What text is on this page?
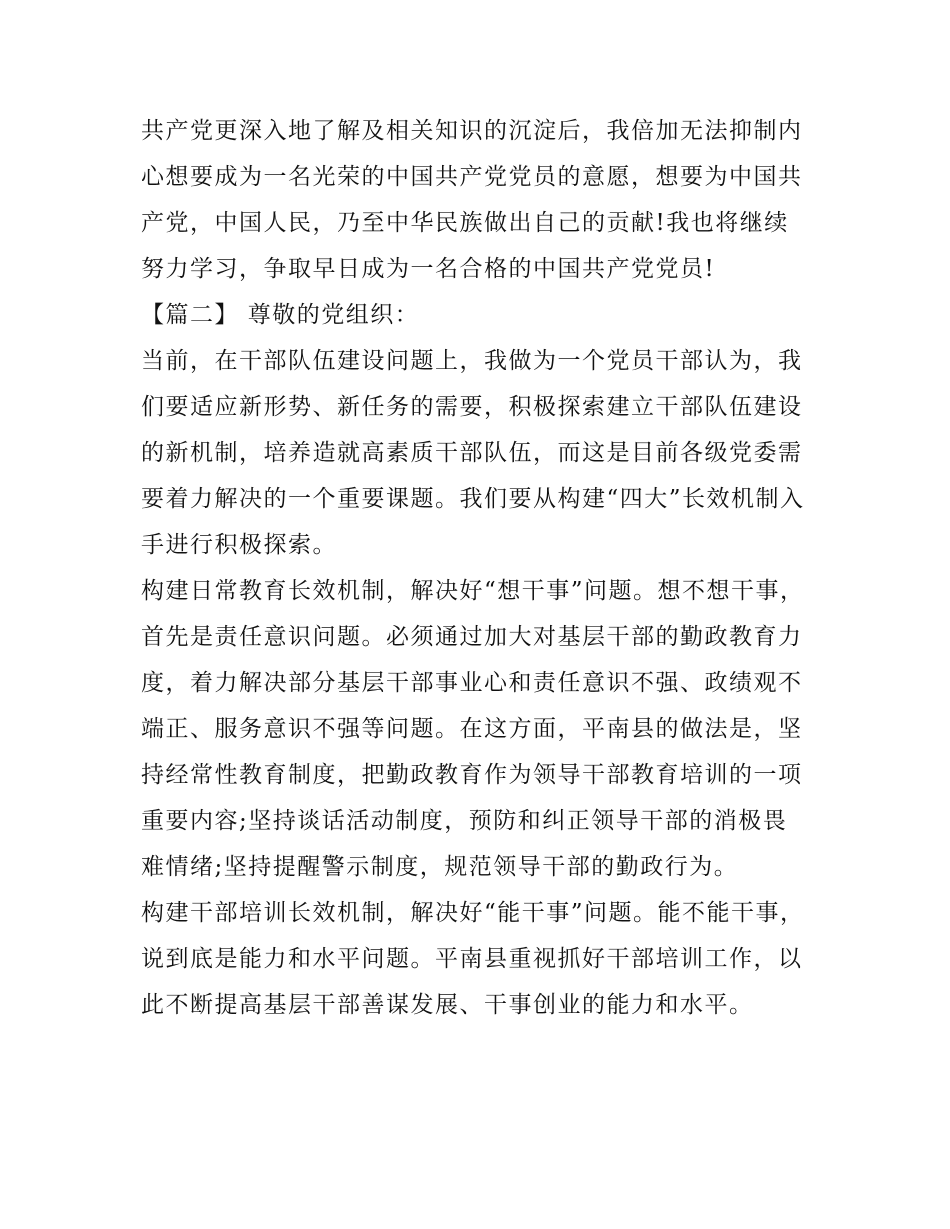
共产党更深入地了解及相关知识的沉淀后，我倍加无法抑制内
心想要成为一名光荣的中国共产党党员的意愿，想要为中国共
产党，中国人民，乃至中华民族做出自己的贡献!我也将继续
努力学习，争取早日成为一名合格的中国共产党党员!
【篇二】 尊敬的党组织：
当前，在干部队伍建设问题上，我做为一个党员干部认为，我
们要适应新形势、新任务的需要，积极探索建立干部队伍建设
的新机制，培养造就高素质干部队伍，而这是目前各级党委需
要着力解决的一个重要课题。我们要从构建“四大”长效机制入
手进行积极探索。
构建日常教育长效机制，解决好“想干事”问题。想不想干事，
首先是责任意识问题。必须通过加大对基层干部的勤政教育力
度，着力解决部分基层干部事业心和责任意识不强、政绩观不
端正、服务意识不强等问题。在这方面，平南县的做法是，坚
持经常性教育制度，把勤政教育作为领导干部教育培训的一项
重要内容;坚持谈话活动制度，预防和纠正领导干部的消极畏
难情绪;坚持提醒警示制度，规范领导干部的勤政行为。
构建干部培训长效机制，解决好“能干事”问题。能不能干事，
说到底是能力和水平问题。平南县重视抓好干部培训工作，以
此不断提高基层干部善谋发展、干事创业的能力和水平。
